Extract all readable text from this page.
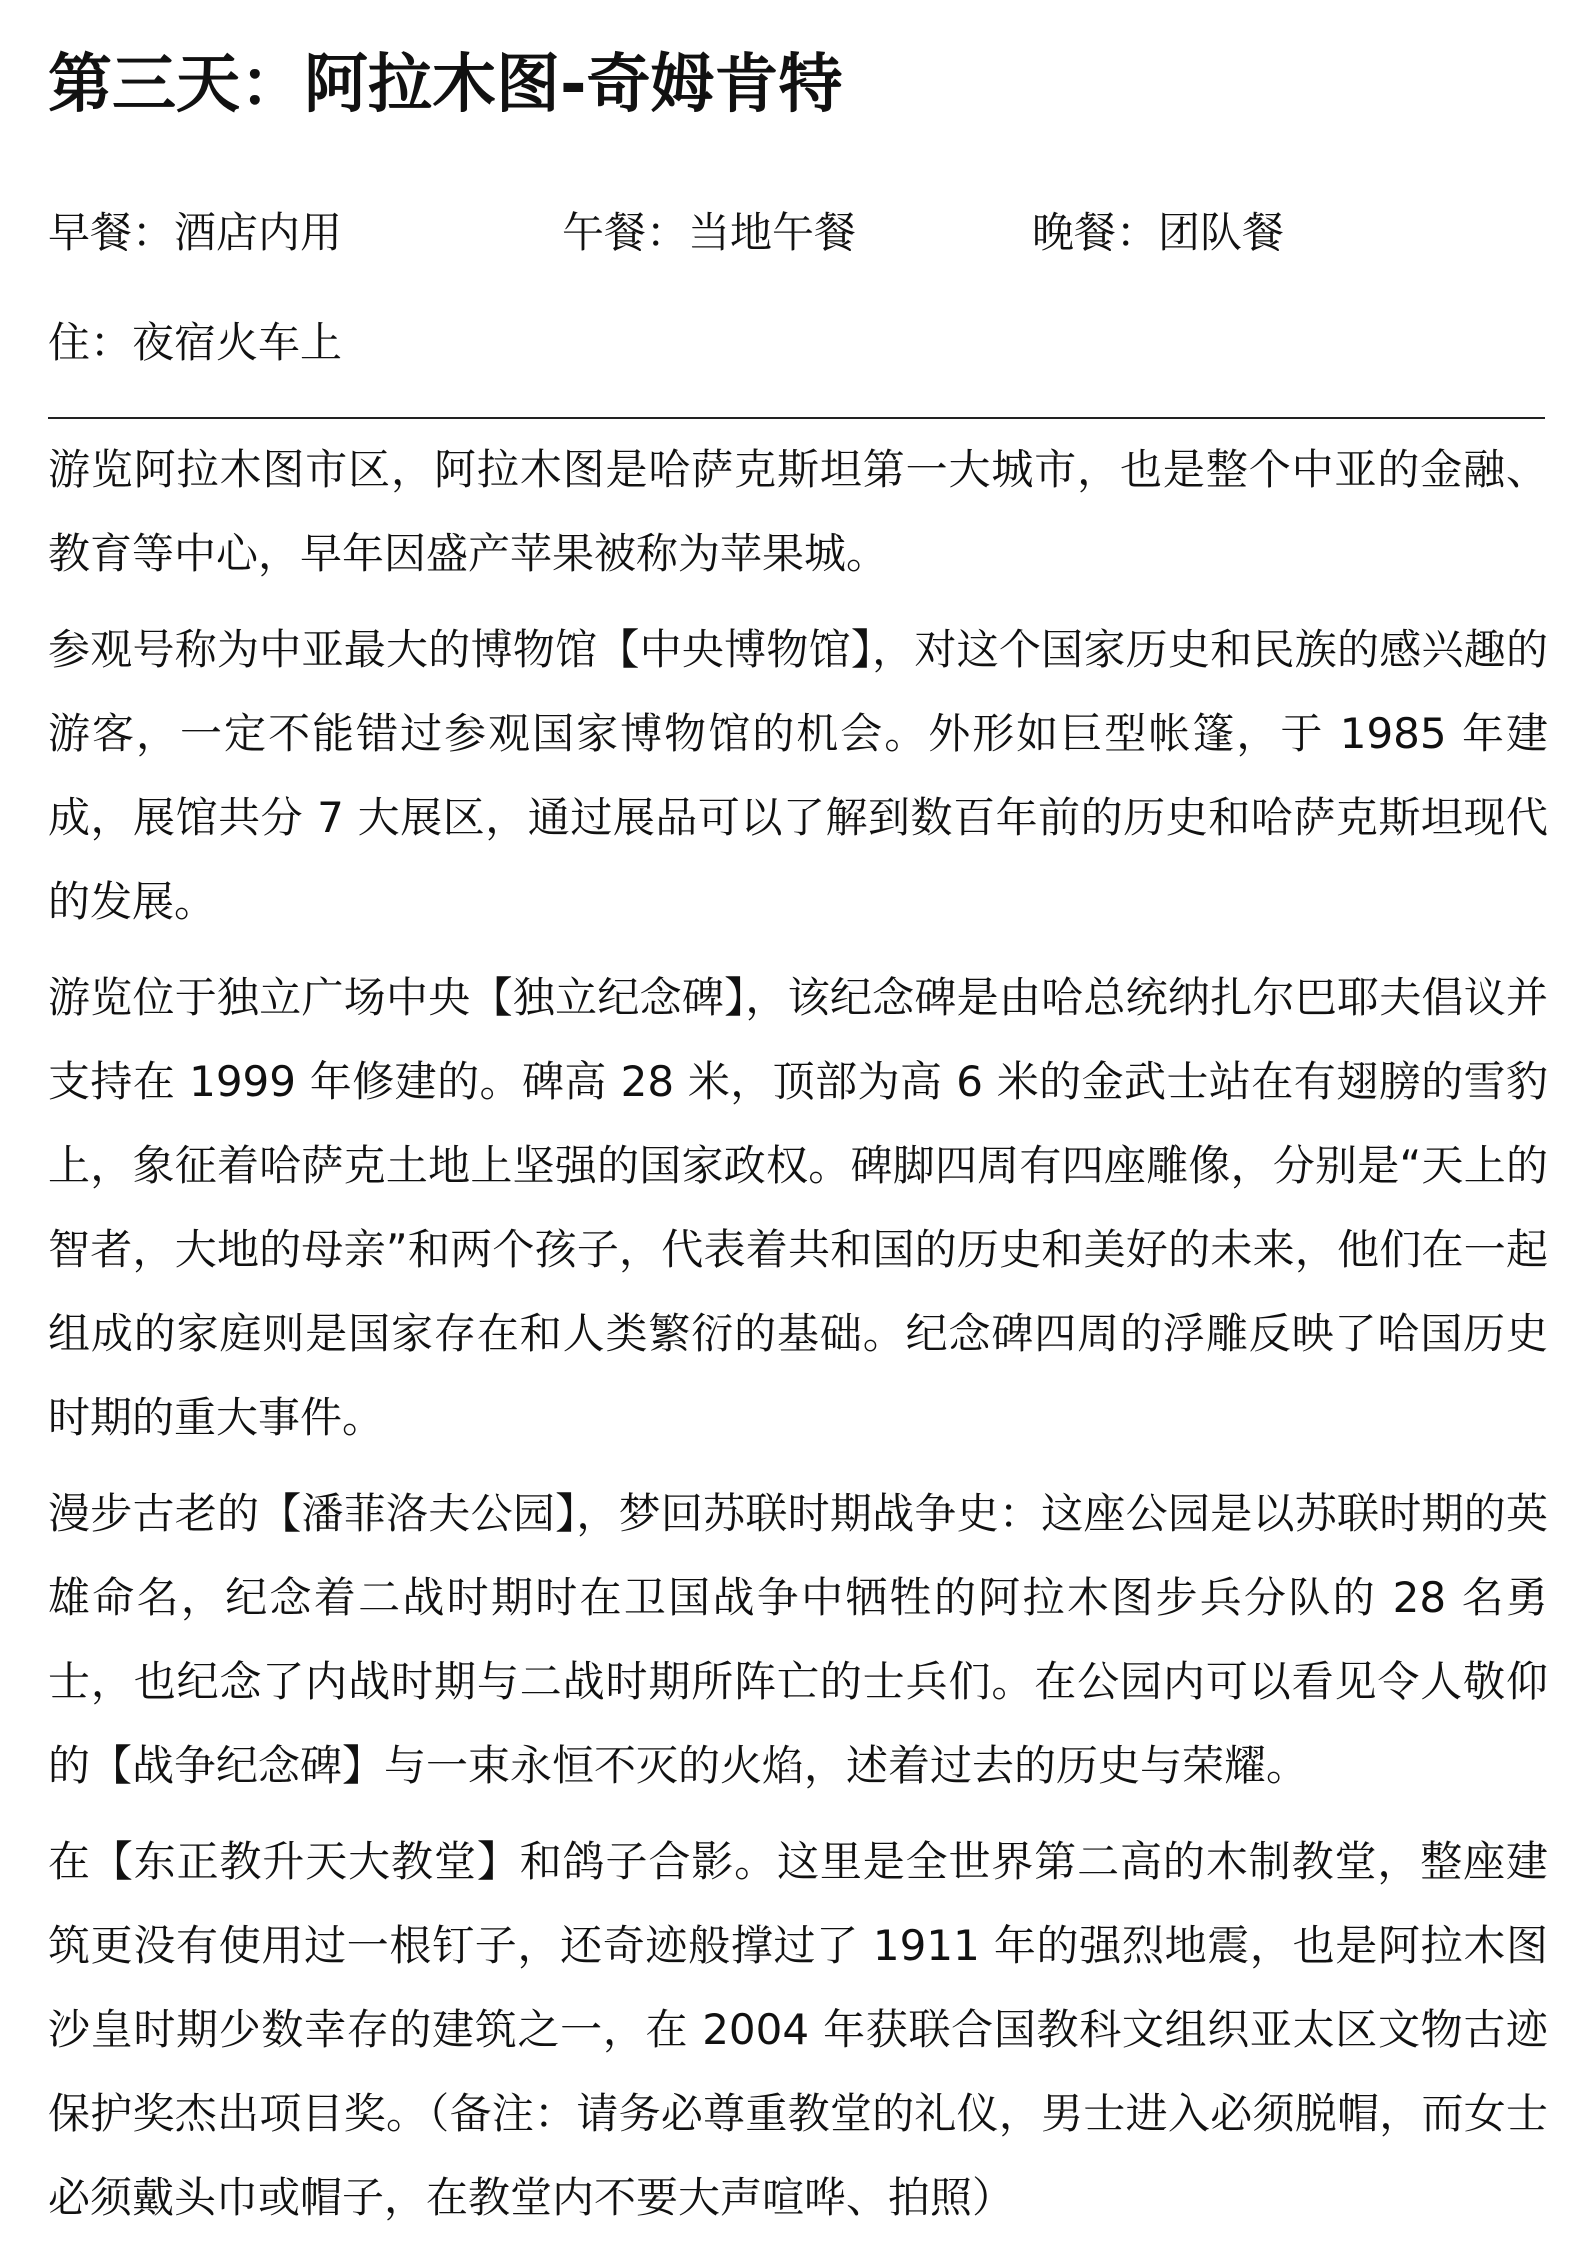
第三天：阿拉木图-奇姆肯特
早餐：酒店内用	午餐：当地午餐	晚餐：团队餐
住：夜宿火车上

游览阿拉木图市区，阿拉木图是哈萨克斯坦第一大城市，也是整个中亚的金融、教育等中心，早年因盛产苹果被称为苹果城。

参观号称为中亚最大的博物馆【中央博物馆】，对这个国家历史和民族的感兴趣的游客，一定不能错过参观国家博物馆的机会。外形如巨型帐篷，于 1985 年建成，展馆共分 7 大展区，通过展品可以了解到数百年前的历史和哈萨克斯坦现代的发展。

游览位于独立广场中央【独立纪念碑】，该纪念碑是由哈总统纳扎尔巴耶夫倡议并支持在 1999 年修建的。碑高 28 米，顶部为高 6 米的金武士站在有翅膀的雪豹上，象征着哈萨克土地上坚强的国家政权。碑脚四周有四座雕像，分别是“天上的智者，大地的母亲”和两个孩子，代表着共和国的历史和美好的未来，他们在一起组成的家庭则是国家存在和人类繁衍的基础。纪念碑四周的浮雕反映了哈国历史时期的重大事件。

漫步古老的【潘菲洛夫公园】，梦回苏联时期战争史：这座公园是以苏联时期的英雄命名，纪念着二战时期时在卫国战争中牺牲的阿拉木图步兵分队的 28 名勇士，也纪念了内战时期与二战时期所阵亡的士兵们。在公园内可以看见令人敬仰的【战争纪念碑】与一束永恒不灭的火焰，述着过去的历史与荣耀。

在【东正教升天大教堂】和鸽子合影。这里是全世界第二高的木制教堂，整座建筑更没有使用过一根钉子，还奇迹般撑过了 1911 年的强烈地震，也是阿拉木图沙皇时期少数幸存的建筑之一，在 2004 年获联合国教科文组织亚太区文物古迹保护奖杰出项目奖。（备注：请务必尊重教堂的礼仪，男士进入必须脱帽，而女士必须戴头巾或帽子，在教堂内不要大声喧哗、拍照）
